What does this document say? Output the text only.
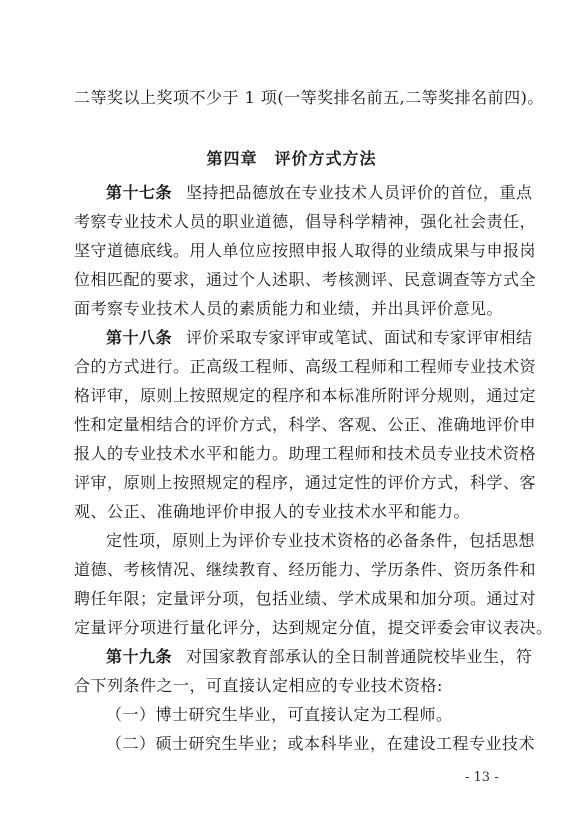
二等奖以上奖项不少于 1 项(一等奖排名前五,二等奖排名前四)。
第四章　评价方式方法
第十七条 坚持把品德放在专业技术人员评价的首位，重点
考察专业技术人员的职业道德，倡导科学精神，强化社会责任，
坚守道德底线。用人单位应按照申报人取得的业绩成果与申报岗
位相匹配的要求，通过个人述职、考核测评、民意调查等方式全
面考察专业技术人员的素质能力和业绩，并出具评价意见。
第十八条 评价采取专家评审或笔试、面试和专家评审相结
合的方式进行。正高级工程师、高级工程师和工程师专业技术资
格评审，原则上按照规定的程序和本标准所附评分规则，通过定
性和定量相结合的评价方式，科学、客观、公正、准确地评价申
报人的专业技术水平和能力。助理工程师和技术员专业技术资格
评审，原则上按照规定的程序，通过定性的评价方式，科学、客
观、公正、准确地评价申报人的专业技术水平和能力。
定性项，原则上为评价专业技术资格的必备条件，包括思想
道德、考核情况、继续教育、经历能力、学历条件、资历条件和
聘任年限；定量评分项，包括业绩、学术成果和加分项。通过对
定量评分项进行量化评分，达到规定分值，提交评委会审议表决。
第十九条 对国家教育部承认的全日制普通院校毕业生，符
合下列条件之一，可直接认定相应的专业技术资格:
（一）博士研究生毕业，可直接认定为工程师。
（二）硕士研究生毕业；或本科毕业，在建设工程专业技术
- 13 -
